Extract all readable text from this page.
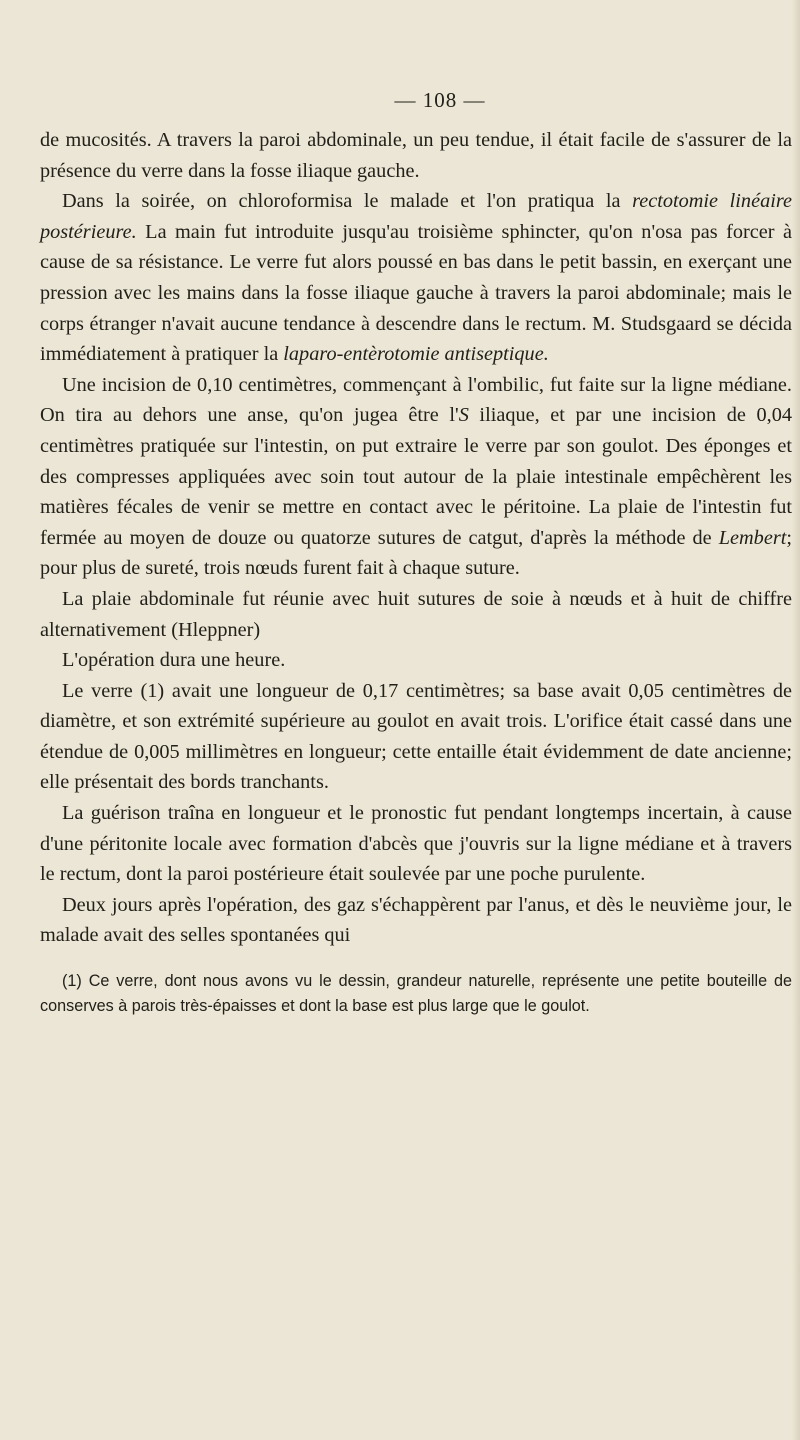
— 108 —

de mucosités. A travers la paroi abdominale, un peu tendue, il était facile de s'assurer de la présence du verre dans la fosse iliaque gauche.

Dans la soirée, on chloroformisa le malade et l'on pratiqua la rectotomie linéaire postérieure. La main fut introduite jusqu'au troisième sphincter, qu'on n'osa pas forcer à cause de sa résistance. Le verre fut alors poussé en bas dans le petit bassin, en exerçant une pression avec les mains dans la fosse iliaque gauche à travers la paroi abdominale; mais le corps étranger n'avait aucune tendance à descendre dans le rectum. M. Studsgaard se décida immédiatement à pratiquer la laparo-entèrotomie antiseptique.

Une incision de 0,10 centimètres, commençant à l'ombilic, fut faite sur la ligne médiane. On tira au dehors une anse, qu'on jugea être l'S iliaque, et par une incision de 0,04 centimètres pratiquée sur l'intestin, on put extraire le verre par son goulot. Des éponges et des compresses appliquées avec soin tout autour de la plaie intestinale empêchèrent les matières fécales de venir se mettre en contact avec le péritoine. La plaie de l'intestin fut fermée au moyen de douze ou quatorze sutures de catgut, d'après la méthode de Lembert; pour plus de sureté, trois nœuds furent fait à chaque suture.

La plaie abdominale fut réunie avec huit sutures de soie à nœuds et à huit de chiffre alternativement (Hleppner)

L'opération dura une heure.

Le verre (1) avait une longueur de 0,17 centimètres; sa base avait 0,05 centimètres de diamètre, et son extrémité supérieure au goulot en avait trois. L'orifice était cassé dans une étendue de 0,005 millimètres en longueur; cette entaille était évidemment de date ancienne; elle présentait des bords tranchants.

La guérison traîna en longueur et le pronostic fut pendant longtemps incertain, à cause d'une péritonite locale avec formation d'abcès que j'ouvris sur la ligne médiane et à travers le rectum, dont la paroi postérieure était soulevée par une poche purulente.

Deux jours après l'opération, des gaz s'échappèrent par l'anus, et dès le neuvième jour, le malade avait des selles spontanées qui

(1) Ce verre, dont nous avons vu le dessin, grandeur naturelle, représente une petite bouteille de conserves à parois très-épaisses et dont la base est plus large que le goulot.
